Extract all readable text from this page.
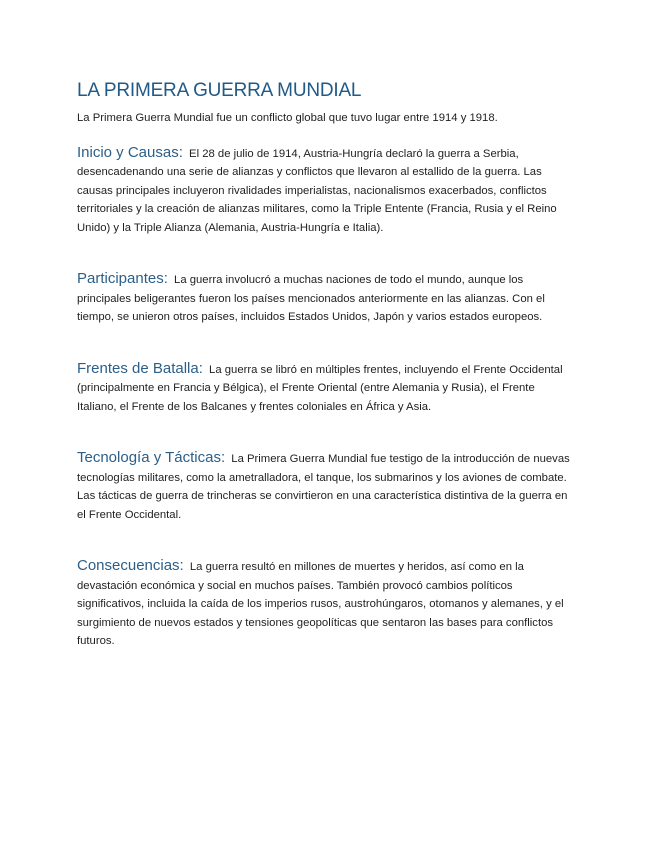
LA PRIMERA GUERRA MUNDIAL

La Primera Guerra Mundial fue un conflicto global que tuvo lugar entre 1914 y 1918.

Inicio y Causas: El 28 de julio de 1914, Austria-Hungría declaró la guerra a Serbia, desencadenando una serie de alianzas y conflictos que llevaron al estallido de la guerra. Las causas principales incluyeron rivalidades imperialistas, nacionalismos exacerbados, conflictos territoriales y la creación de alianzas militares, como la Triple Entente (Francia, Rusia y el Reino Unido) y la Triple Alianza (Alemania, Austria-Hungría e Italia).

Participantes: La guerra involucró a muchas naciones de todo el mundo, aunque los principales beligerantes fueron los países mencionados anteriormente en las alianzas. Con el tiempo, se unieron otros países, incluidos Estados Unidos, Japón y varios estados europeos.

Frentes de Batalla: La guerra se libró en múltiples frentes, incluyendo el Frente Occidental (principalmente en Francia y Bélgica), el Frente Oriental (entre Alemania y Rusia), el Frente Italiano, el Frente de los Balcanes y frentes coloniales en África y Asia.

Tecnología y Tácticas: La Primera Guerra Mundial fue testigo de la introducción de nuevas tecnologías militares, como la ametralladora, el tanque, los submarinos y los aviones de combate. Las tácticas de guerra de trincheras se convirtieron en una característica distintiva de la guerra en el Frente Occidental.

Consecuencias: La guerra resultó en millones de muertes y heridos, así como en la devastación económica y social en muchos países. También provocó cambios políticos significativos, incluida la caída de los imperios rusos, austrohúngaros, otomanos y alemanes, y el surgimiento de nuevos estados y tensiones geopolíticas que sentaron las bases para conflictos futuros.
